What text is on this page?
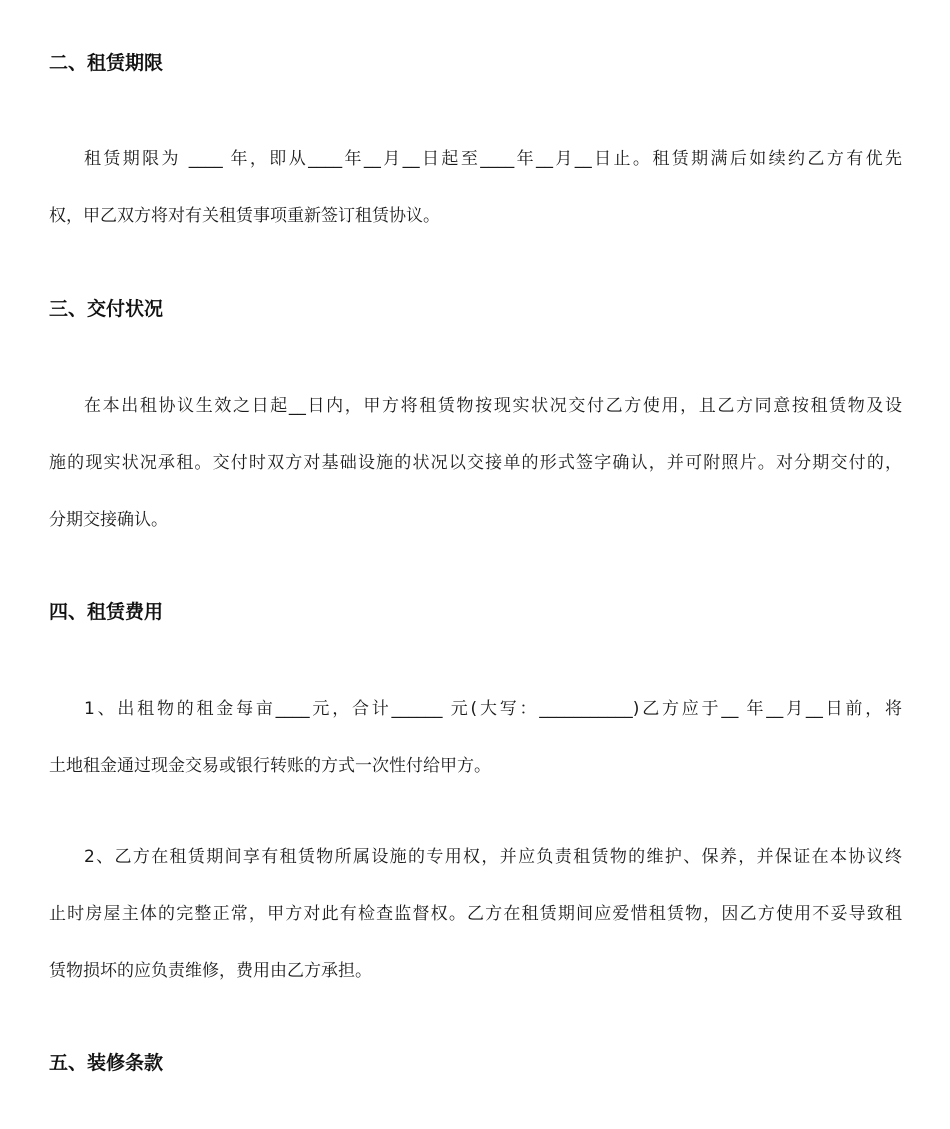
二、租赁期限
租赁期限为 ____ 年，即从____年__月__日起至____年__月__日止。租赁期满后如续约乙方有优先
权，甲乙双方将对有关租赁事项重新签订租赁协议。
三、交付状况
在本出租协议生效之日起__日内，甲方将租赁物按现实状况交付乙方使用，且乙方同意按租赁物及设
施的现实状况承租。交付时双方对基础设施的状况以交接单的形式签字确认，并可附照片。对分期交付的，
分期交接确认。
四、租赁费用
1、出租物的租金每亩____元，合计______ 元(大写：___________)乙方应于__ 年__月__日前，将
土地租金通过现金交易或银行转账的方式一次性付给甲方。
2、乙方在租赁期间享有租赁物所属设施的专用权，并应负责租赁物的维护、保养，并保证在本协议终
止时房屋主体的完整正常，甲方对此有检查监督权。乙方在租赁期间应爱惜租赁物，因乙方使用不妥导致租
赁物损坏的应负责维修，费用由乙方承担。
五、装修条款
